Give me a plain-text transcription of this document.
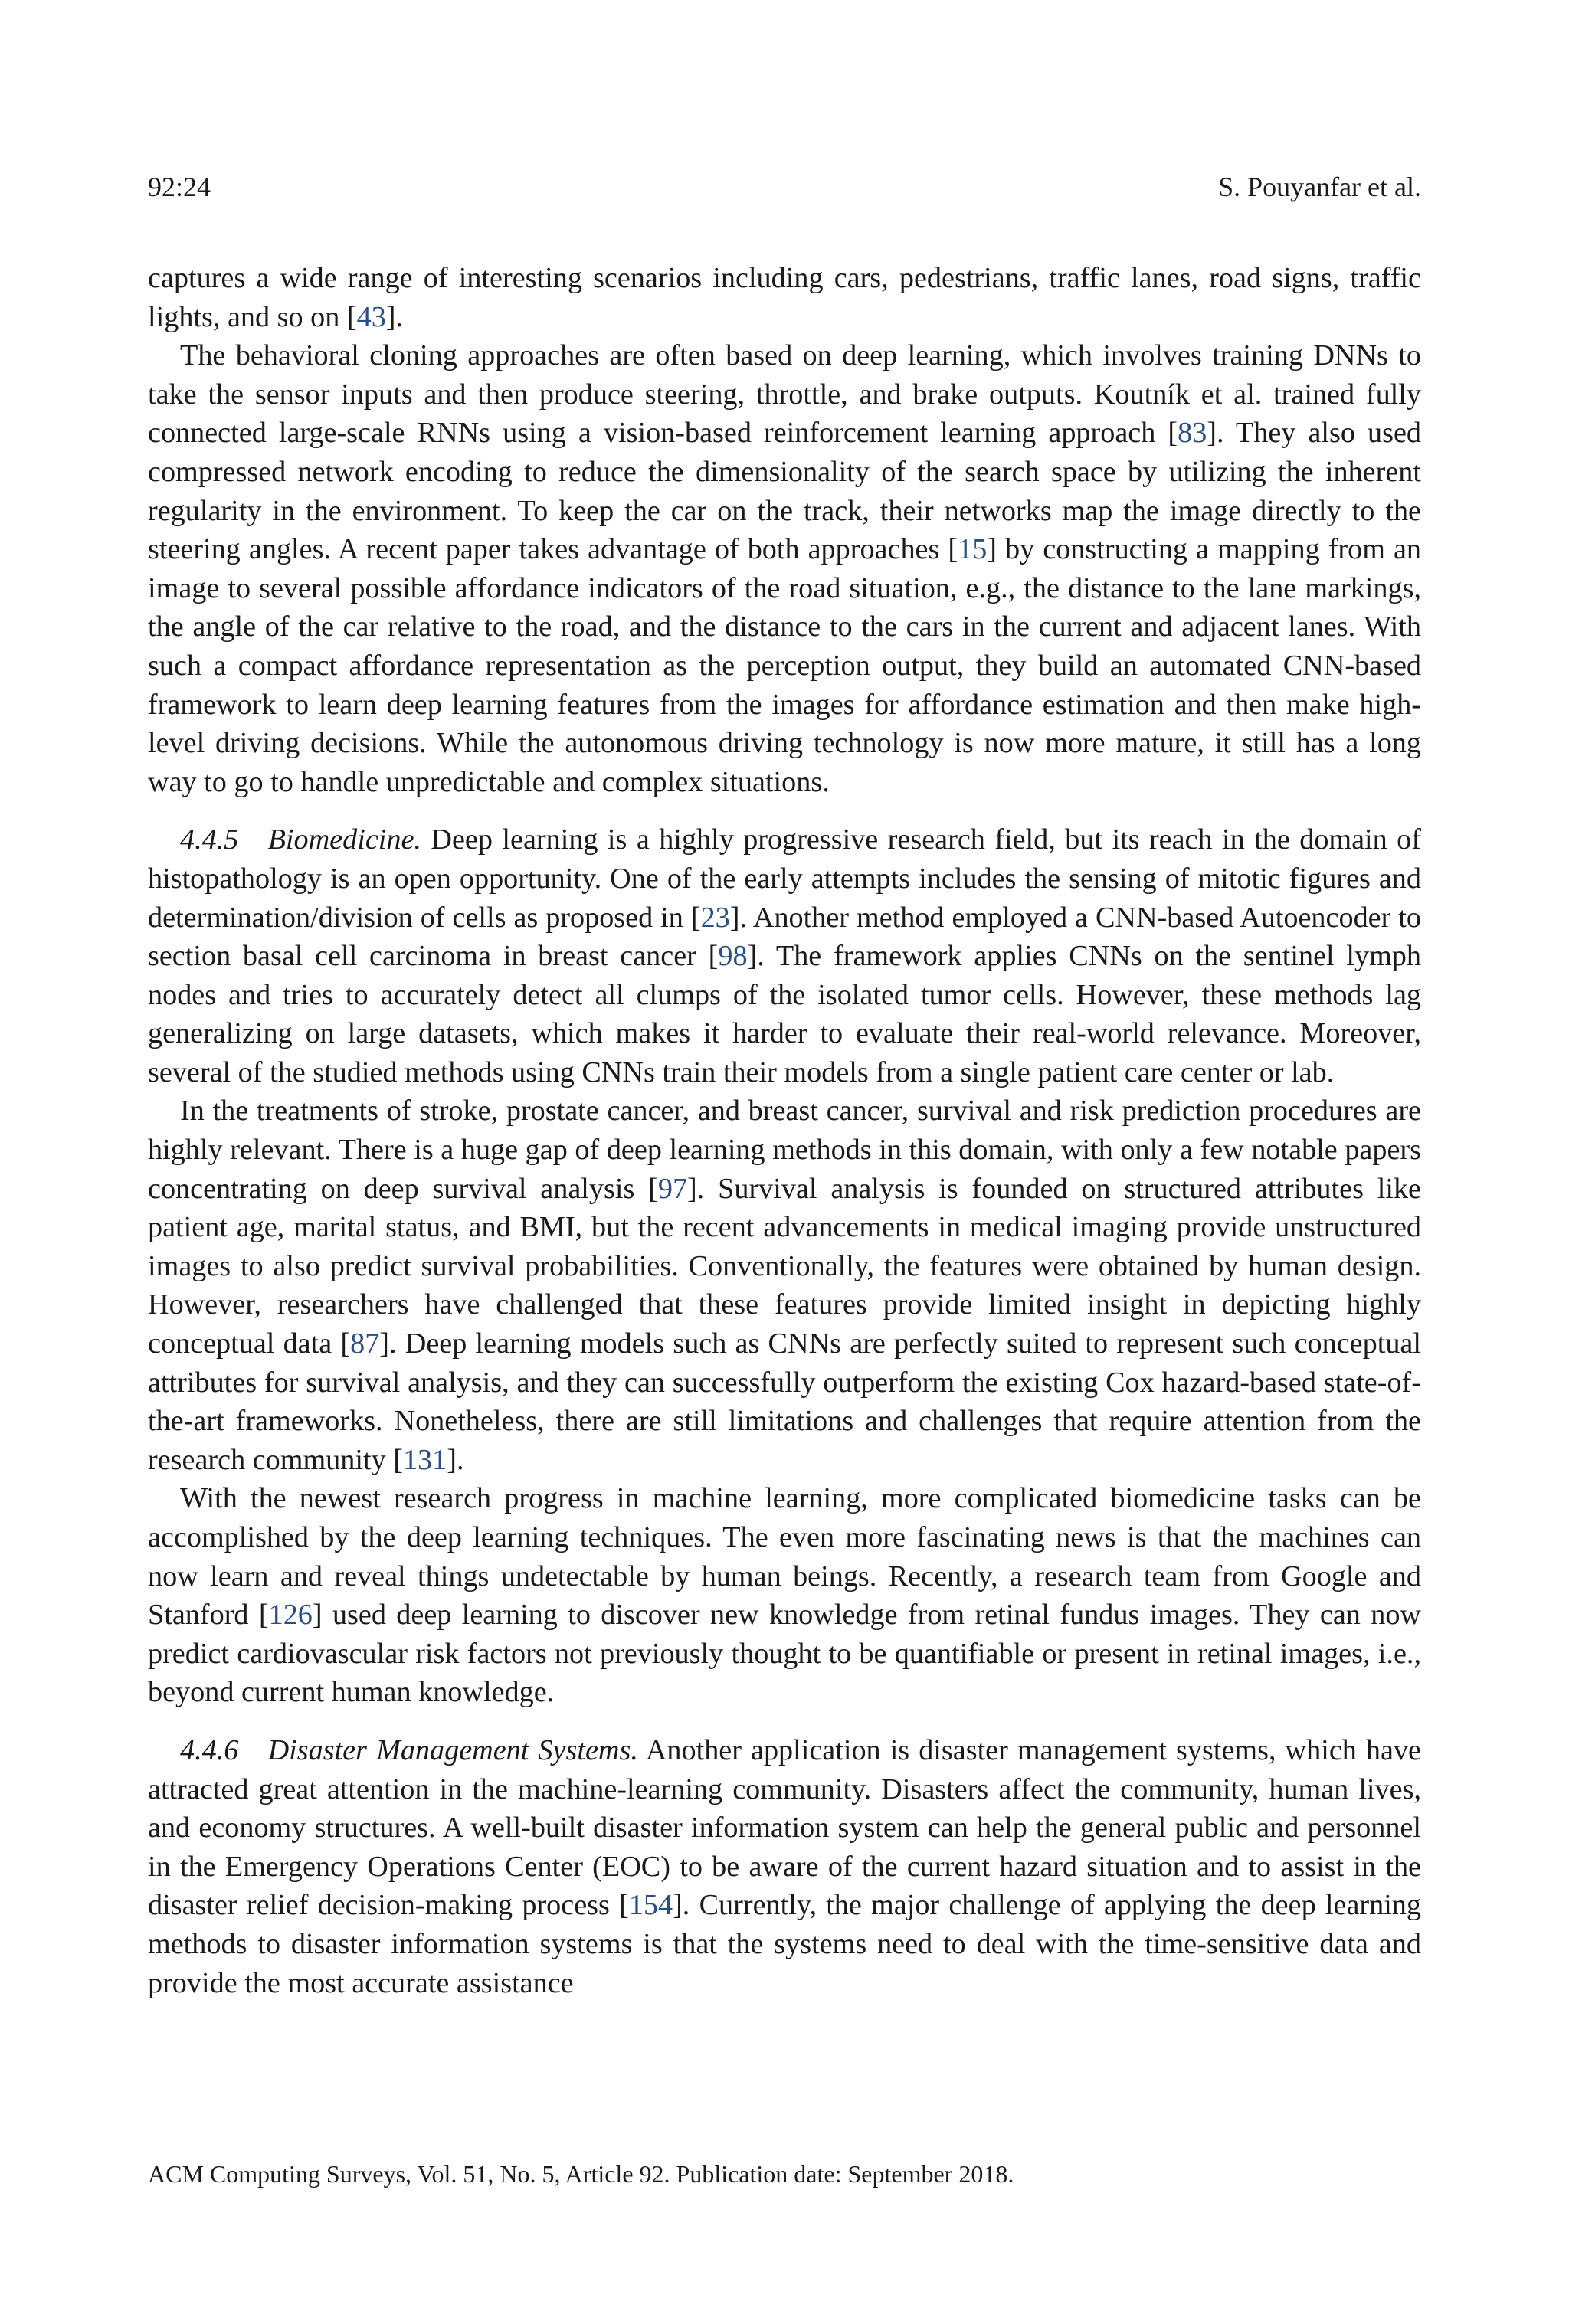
92:24	S. Pouyanfar et al.

captures a wide range of interesting scenarios including cars, pedestrians, traffic lanes, road signs, traffic lights, and so on [43].

The behavioral cloning approaches are often based on deep learning, which involves training DNNs to take the sensor inputs and then produce steering, throttle, and brake outputs. Koutník et al. trained fully connected large-scale RNNs using a vision-based reinforcement learning approach [83]. They also used compressed network encoding to reduce the dimensionality of the search space by utilizing the inherent regularity in the environment. To keep the car on the track, their networks map the image directly to the steering angles. A recent paper takes advantage of both approaches [15] by constructing a mapping from an image to several possible affordance indicators of the road situation, e.g., the distance to the lane markings, the angle of the car relative to the road, and the distance to the cars in the current and adjacent lanes. With such a compact affordance representation as the perception output, they build an automated CNN-based framework to learn deep learning features from the images for affordance estimation and then make high-level driving decisions. While the autonomous driving technology is now more mature, it still has a long way to go to handle unpredictable and complex situations.

4.4.5   Biomedicine. Deep learning is a highly progressive research field, but its reach in the domain of histopathology is an open opportunity. One of the early attempts includes the sensing of mitotic figures and determination/division of cells as proposed in [23]. Another method employed a CNN-based Autoencoder to section basal cell carcinoma in breast cancer [98]. The framework applies CNNs on the sentinel lymph nodes and tries to accurately detect all clumps of the isolated tumor cells. However, these methods lag generalizing on large datasets, which makes it harder to evaluate their real-world relevance. Moreover, several of the studied methods using CNNs train their models from a single patient care center or lab.

In the treatments of stroke, prostate cancer, and breast cancer, survival and risk prediction procedures are highly relevant. There is a huge gap of deep learning methods in this domain, with only a few notable papers concentrating on deep survival analysis [97]. Survival analysis is founded on structured attributes like patient age, marital status, and BMI, but the recent advancements in medical imaging provide unstructured images to also predict survival probabilities. Conventionally, the features were obtained by human design. However, researchers have challenged that these features provide limited insight in depicting highly conceptual data [87]. Deep learning models such as CNNs are perfectly suited to represent such conceptual attributes for survival analysis, and they can successfully outperform the existing Cox hazard-based state-of-the-art frameworks. Nonetheless, there are still limitations and challenges that require attention from the research community [131].

With the newest research progress in machine learning, more complicated biomedicine tasks can be accomplished by the deep learning techniques. The even more fascinating news is that the machines can now learn and reveal things undetectable by human beings. Recently, a research team from Google and Stanford [126] used deep learning to discover new knowledge from retinal fundus images. They can now predict cardiovascular risk factors not previously thought to be quantifiable or present in retinal images, i.e., beyond current human knowledge.

4.4.6   Disaster Management Systems. Another application is disaster management systems, which have attracted great attention in the machine-learning community. Disasters affect the community, human lives, and economy structures. A well-built disaster information system can help the general public and personnel in the Emergency Operations Center (EOC) to be aware of the current hazard situation and to assist in the disaster relief decision-making process [154]. Currently, the major challenge of applying the deep learning methods to disaster information systems is that the systems need to deal with the time-sensitive data and provide the most accurate assistance

ACM Computing Surveys, Vol. 51, No. 5, Article 92. Publication date: September 2018.
